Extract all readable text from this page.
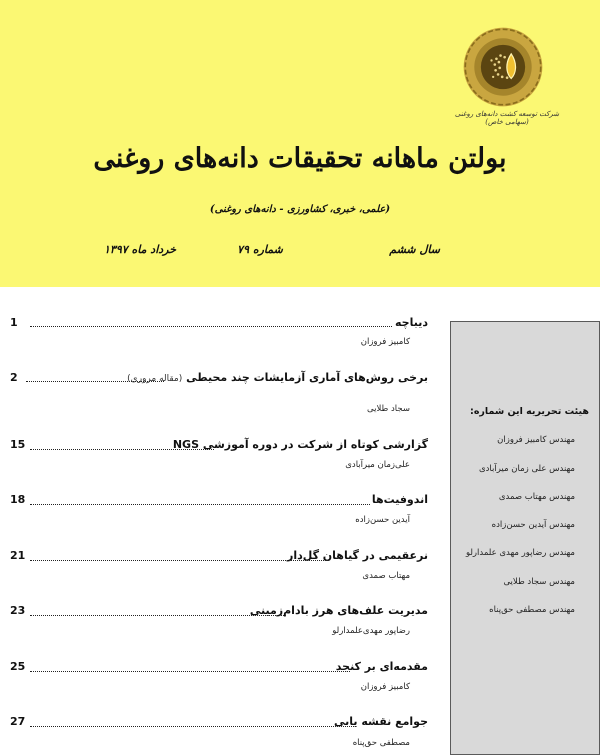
شرکت توسعه کشت دانه‌های روغنی (سهامی خاص)
بولتن ماهانه تحقیقات دانه‌های روغنی
(علمی، خبری، کشاورزی - دانه‌های روغنی)
سال ششم
شماره ۷۹
خرداد ماه ۱۳۹۷
دیباچه
1
کامبیز فروزان
برخی روش‌های آماری آزمایشات چند محیطی (مقاله مروری)
2
سجاد طلایی
گزارشی کوتاه از شرکت در دوره آموزشی NGS
15
علی‌زمان میرآبادی
اندوفیت‌ها
18
آیدین حسن‌زاده
نرعقیمی در گیاهان گل‌دار
21
مهتاب صمدی
مدیریت علف‌های هرز بادام‌زمینی
23
رضاپور مهدی‌علمدارلو
مقدمه‌ای بر کنجد
25
کامبیز فروزان
جوامع نقشه یابی
27
مصطفی حق‌پناه
هیئت تحریریه این شماره:
مهندس کامبیز فروزان
مهندس علی زمان میرآبادی
مهندس مهتاب صمدی
مهندس آیدین حسن‌زاده
مهندس رضاپور مهدی علمدارلو
مهندس سجاد طلایی
مهندس مصطفی حق‌پناه
